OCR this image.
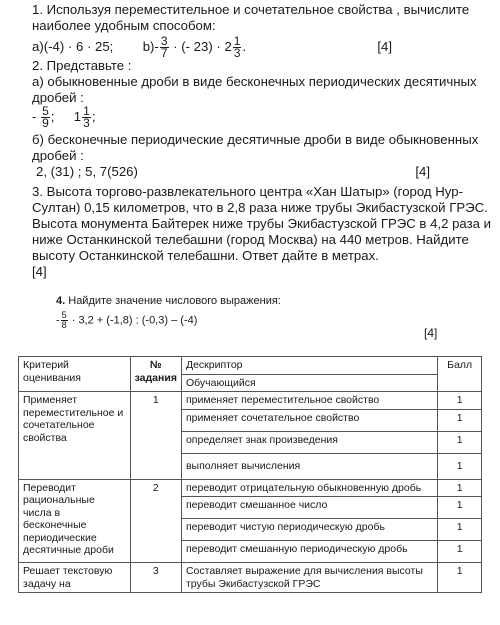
1. Используя переместительное и сочетательное свойства , вычислите
наиболее удобным способом:
а)(-4) · 6 · 25; $b)- \frac{3}{7}$ · (- $23) \cdot 2 \frac{1}{3}$ .	[4]
2. Представьте :
а) обыкновенные дроби в виде бесконечных периодических десятичных
дробей :
- $\frac{5}{9}$ ; $1 \frac{1}{3}$ ;
б) бесконечные периодические десятичные дроби в виде обыкновенных
дробей :
2, (31) ; 5, 7(526)	[4]
3. Высота торгово-развлекательного центра «Хан Шатыр» (город Нур-
Султан) 0,15 километров, что в 2,8 раза ниже трубы Экибастузской ГРЭС.
Высота монумента Байтерек ниже трубы Экибастузской ГРЭС в 4,2 раза и
ниже Останкинской телебашни (город Москва) на 440 метров. Найдите
высоту Останкинской телебашни. Ответ дайте в метрах.
[4]
4. Найдите значение числового выражения:
- $\frac{5}{8} \cdot 3,2 + (-1,8)$ : (-0,3) – (-4)
[4]
Критерий оценивания	№ задания	Дескриптор
Обучающийся	Балл
Применяет переместительное и сочетательное свойства	1	применяет переместительное свойство	1
		применяет сочетательное свойство	1
		определяет знак произведения	1
		выполняет вычисления	1
Переводит рациональные числа в бесконечные периодические десятичные дроби	2	переводит отрицательную обыкновенную дробь	1
		переводит смешанное число	1
		переводит чистую периодическую дробь	1
		переводит смешанную периодическую дробь	1
Решает текстовую задачу на	3	Составляет выражение для вычисления высоты трубы Экибастузской ГРЭС	1
